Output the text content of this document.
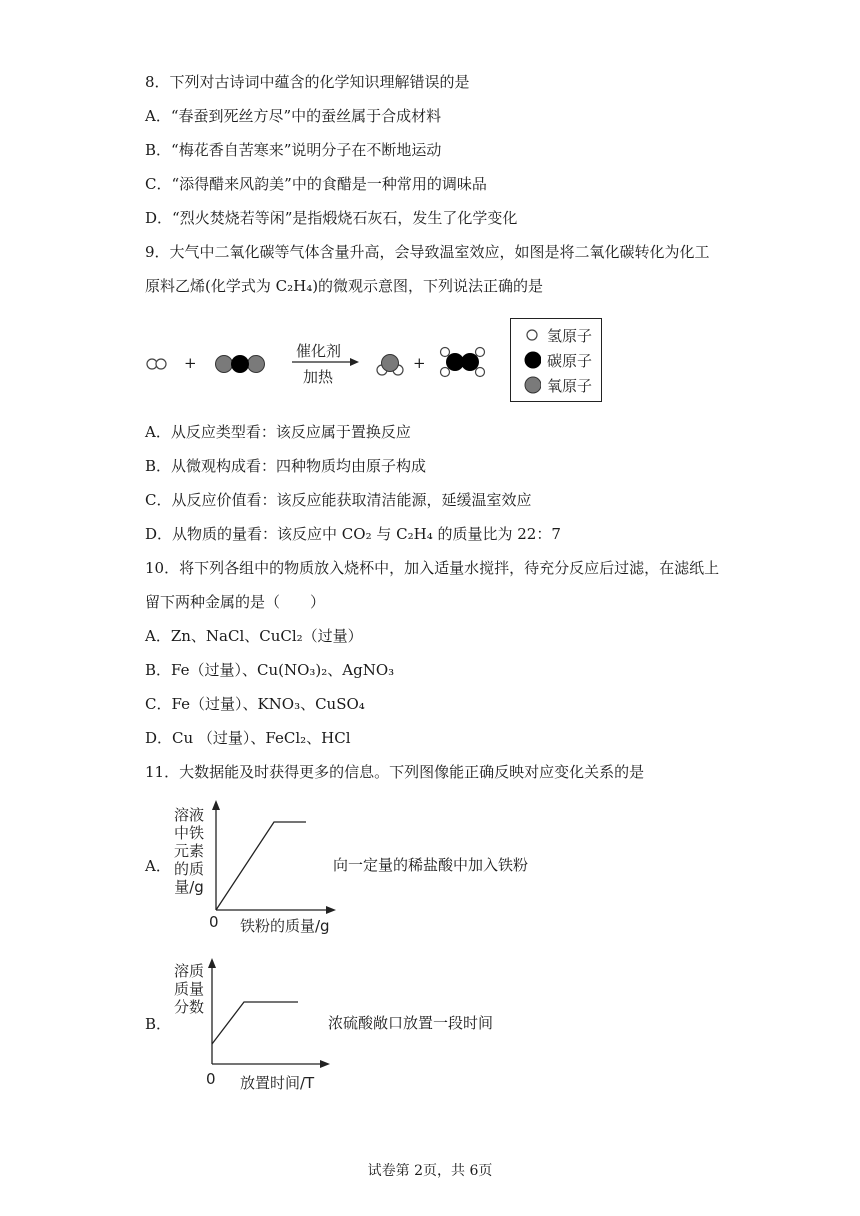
8．下列对古诗词中蕴含的化学知识理解错误的是
A．“春蚕到死丝方尽”中的蚕丝属于合成材料
B．“梅花香自苦寒来”说明分子在不断地运动
C．“添得醋来风韵美”中的食醋是一种常用的调味品
D．“烈火焚烧若等闲”是指煅烧石灰石，发生了化学变化
9．大气中二氧化碳等气体含量升高，会导致温室效应，如图是将二氧化碳转化为化工
原料乙烯(化学式为 C₂H₄)的微观示意图，下列说法正确的是
+	+
催化剂
加热
氢原子
碳原子
氧原子
A．从反应类型看：该反应属于置换反应
B．从微观构成看：四种物质均由原子构成
C．从反应价值看：该反应能获取清洁能源，延缓温室效应
D．从物质的量看：该反应中 CO₂ 与 C₂H₄ 的质量比为 22：7
10．将下列各组中的物质放入烧杯中，加入适量水搅拌，待充分反应后过滤，在滤纸上
留下两种金属的是（　　）
A．Zn、NaCl、CuCl₂（过量）
B．Fe（过量）、Cu(NO₃)₂、AgNO₃
C．Fe（过量）、KNO₃、CuSO₄
D．Cu （过量）、FeCl₂、HCl
11．大数据能及时获得更多的信息。下列图像能正确反映对应变化关系的是
A．
溶液
中铁
元素
的质
量/g
0 铁粉的质量/g
向一定量的稀盐酸中加入铁粉
B．
溶质
质量
分数
0 放置时间/T
浓硫酸敞口放置一段时间
试卷第 2页，共 6页
